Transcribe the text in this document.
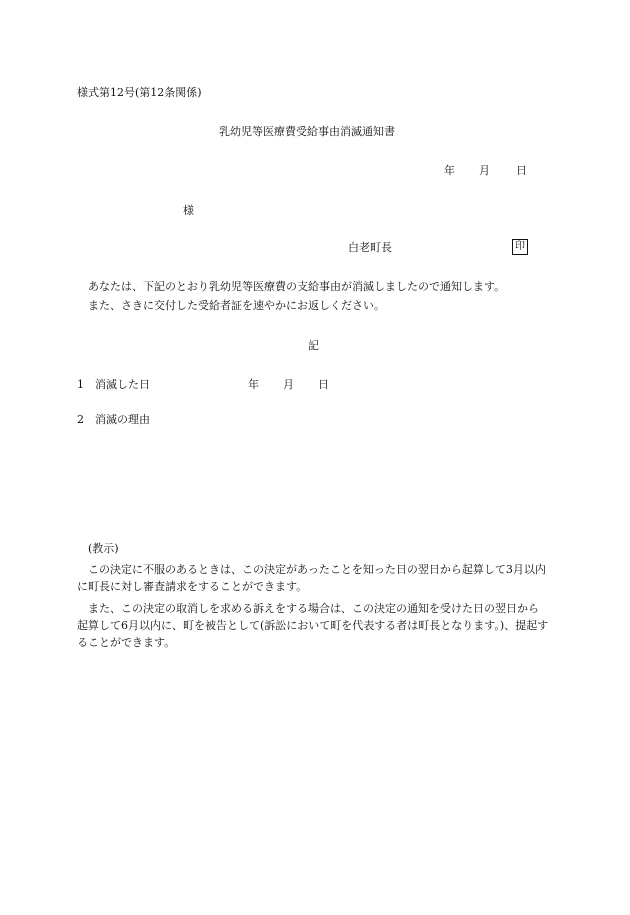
様式第12号(第12条関係)
乳幼児等医療費受給事由消滅通知書
年 月 日
様
白老町長	印

あなたは、下記のとおり乳幼児等医療費の支給事由が消滅しましたので通知します。

また、さきに交付した受給者証を速やかにお返しください。

記
1 消滅した日	年 月 日
2 消滅の理由
(教示)

この決定に不服のあるときは、この決定があったことを知った日の翌日から起算して3月以内に町長に対し審査請求をすることができます。

また、この決定の取消しを求める訴えをする場合は、この決定の通知を受けた日の翌日から起算して6月以内に、町を被告として(訴訟において町を代表する者は町長となります。)、提起することができます。
